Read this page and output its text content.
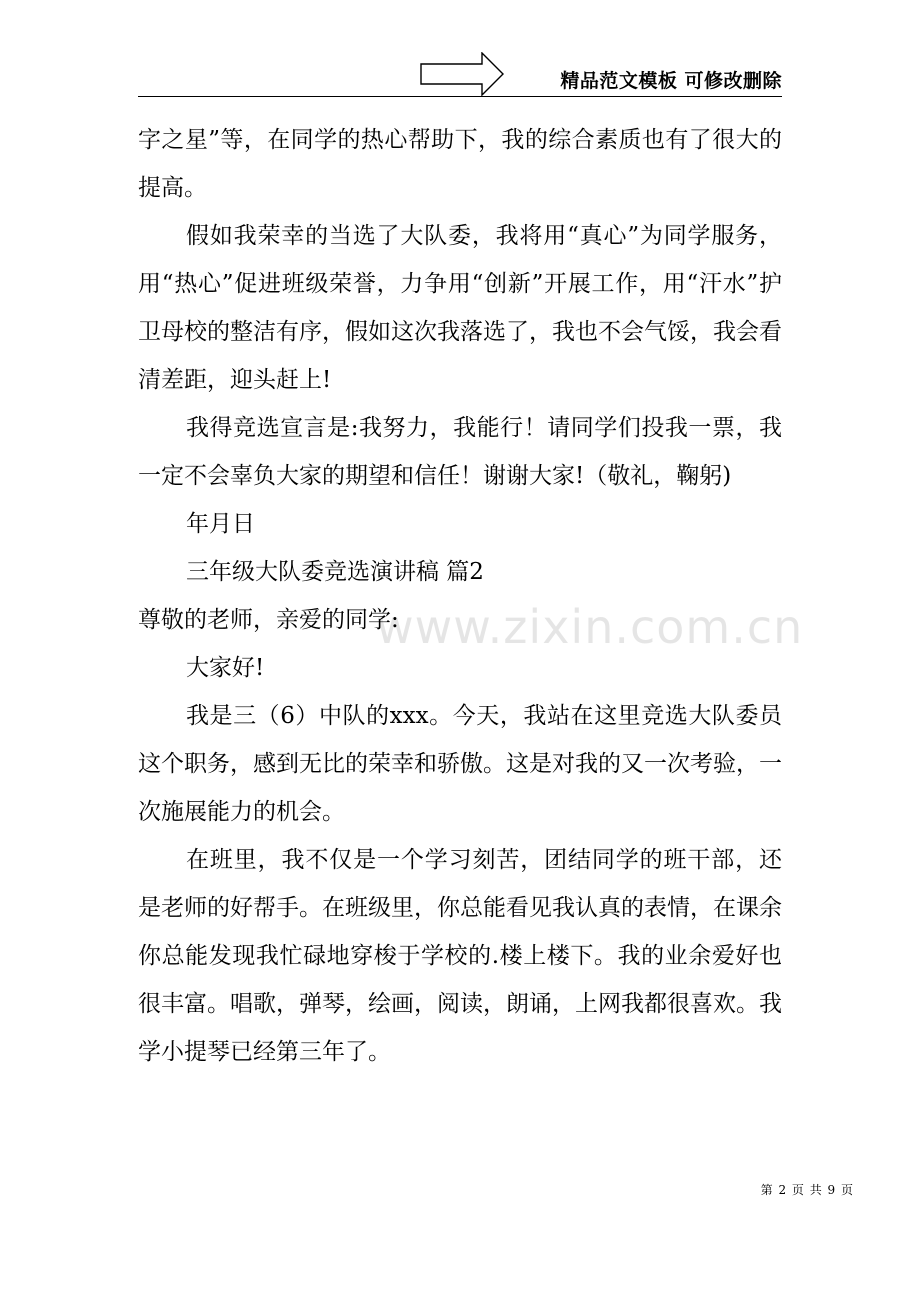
精品范文模板 可修改删除
www.zixin.com.cn

字之星”等，在同学的热心帮助下，我的综合素质也有了很大的提高。

假如我荣幸的当选了大队委，我将用“真心”为同学服务，用“热心”促进班级荣誉，力争用“创新”开展工作，用“汗水”护卫母校的整洁有序，假如这次我落选了，我也不会气馁，我会看清差距，迎头赶上!

我得竞选宣言是:我努力，我能行！请同学们投我一票，我一定不会辜负大家的期望和信任！谢谢大家!（敬礼，鞠躬)

年月日

三年级大队委竞选演讲稿 篇2

尊敬的老师，亲爱的同学:

大家好!

我是三（6）中队的xxx。今天，我站在这里竞选大队委员这个职务，感到无比的荣幸和骄傲。这是对我的又一次考验，一次施展能力的机会。

在班里，我不仅是一个学习刻苦，团结同学的班干部，还是老师的好帮手。在班级里，你总能看见我认真的表情，在课余你总能发现我忙碌地穿梭于学校的.楼上楼下。我的业余爱好也很丰富。唱歌，弹琴，绘画，阅读，朗诵，上网我都很喜欢。我学小提琴已经第三年了。

第 2 页 共 9 页
